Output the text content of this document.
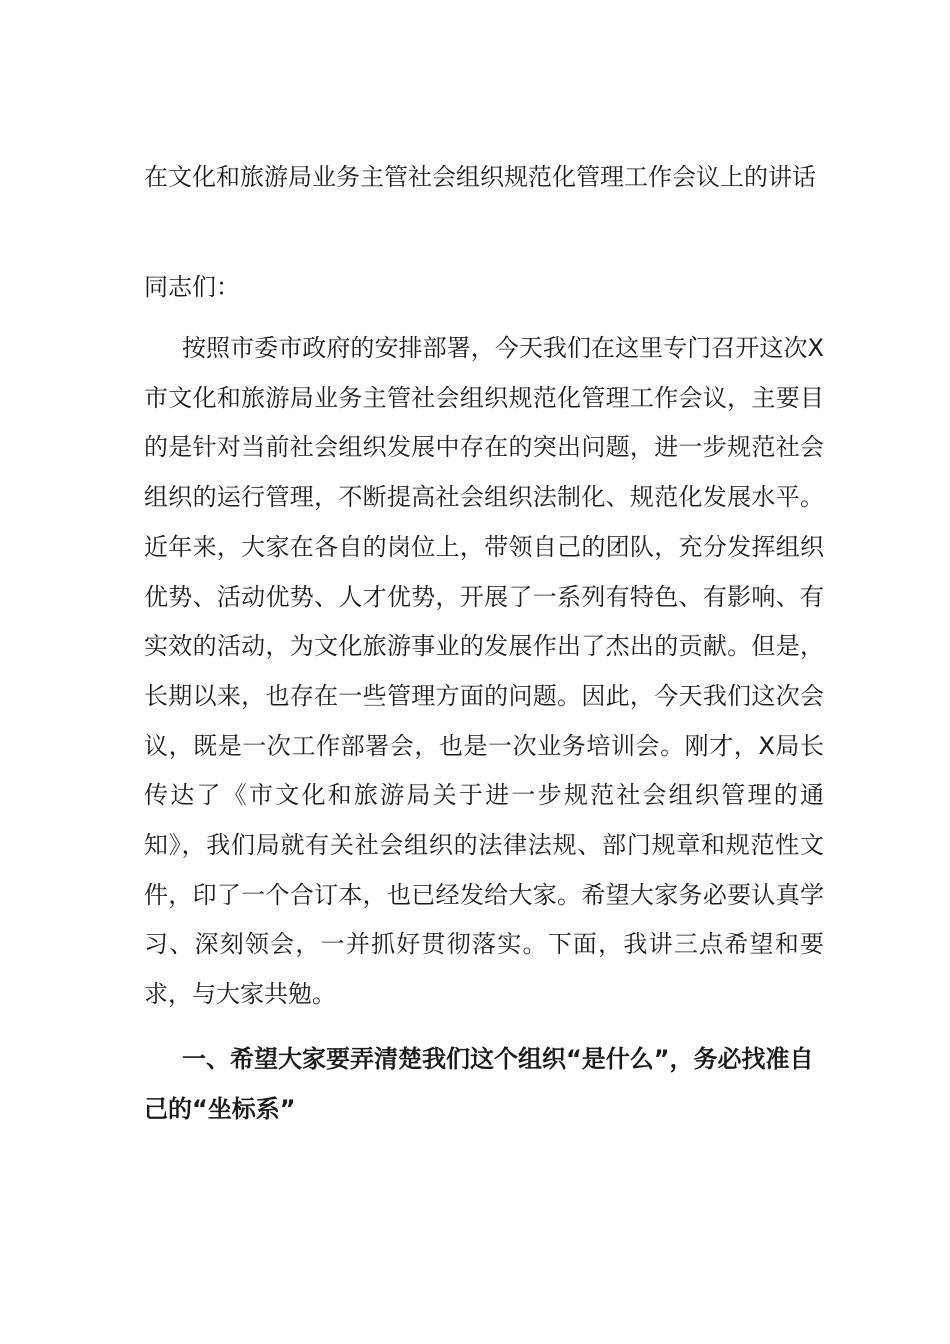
在文化和旅游局业务主管社会组织规范化管理工作会议上的讲话

同志们：

按照市委市政府的安排部署，今天我们在这里专门召开这次X市文化和旅游局业务主管社会组织规范化管理工作会议，主要目的是针对当前社会组织发展中存在的突出问题，进一步规范社会组织的运行管理，不断提高社会组织法制化、规范化发展水平。近年来，大家在各自的岗位上，带领自己的团队，充分发挥组织优势、活动优势、人才优势，开展了一系列有特色、有影响、有实效的活动，为文化旅游事业的发展作出了杰出的贡献。但是，长期以来，也存在一些管理方面的问题。因此，今天我们这次会议，既是一次工作部署会，也是一次业务培训会。刚才，X局长传达了《市文化和旅游局关于进一步规范社会组织管理的通知》，我们局就有关社会组织的法律法规、部门规章和规范性文件，印了一个合订本，也已经发给大家。希望大家务必要认真学习、深刻领会，一并抓好贯彻落实。下面，我讲三点希望和要求，与大家共勉。

一、希望大家要弄清楚我们这个组织“是什么”，务必找准自己的“坐标系”
